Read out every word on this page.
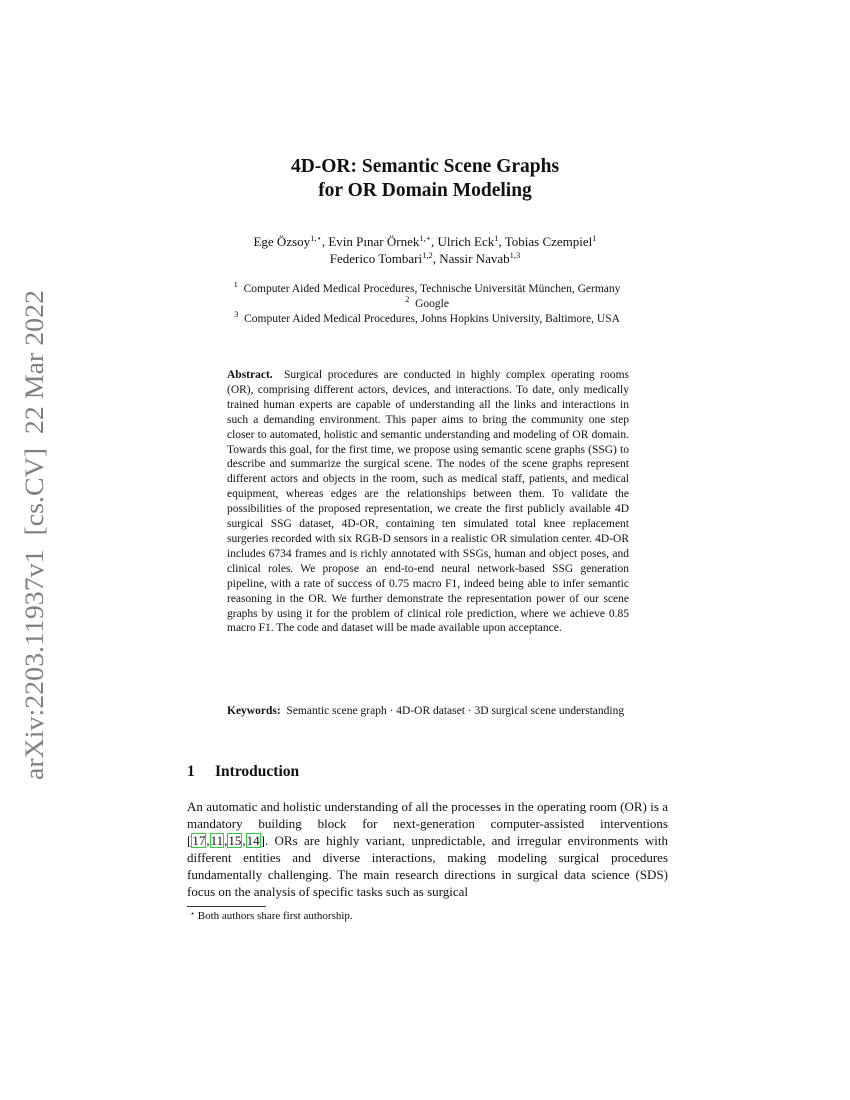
arXiv:2203.11937v1  [cs.CV]  22 Mar 2022
4D-OR: Semantic Scene Graphs
for OR Domain Modeling
Ege Özsoy$^{1,⋆}$, Evin Pınar Örnek$^{1,⋆}$, Ulrich Eck$^1$, Tobias Czempiel$^1$
Federico Tombari$^{1,2}$, Nassir Navab$^{1,3}$
$^1$ Computer Aided Medical Procedures, Technische Universität München, Germany
$^2$ Google
$^3$ Computer Aided Medical Procedures, Johns Hopkins University, Baltimore, USA

Abstract. Surgical procedures are conducted in highly complex operating rooms (OR), comprising different actors, devices, and interactions. To date, only medically trained human experts are capable of understanding all the links and interactions in such a demanding environment. This paper aims to bring the community one step closer to automated, holistic and semantic understanding and modeling of OR domain. Towards this goal, for the first time, we propose using semantic scene graphs (SSG) to describe and summarize the surgical scene. The nodes of the scene graphs represent different actors and objects in the room, such as medical staff, patients, and medical equipment, whereas edges are the relationships between them. To validate the possibilities of the proposed representation, we create the first publicly available 4D surgical SSG dataset, 4D-OR, containing ten simulated total knee replacement surgeries recorded with six RGB-D sensors in a realistic OR simulation center. 4D-OR includes 6734 frames and is richly annotated with SSGs, human and object poses, and clinical roles. We propose an end-to-end neural network-based SSG generation pipeline, with a rate of success of 0.75 macro F1, indeed being able to infer semantic reasoning in the OR. We further demonstrate the representation power of our scene graphs by using it for the problem of clinical role prediction, where we achieve 0.85 macro F1. The code and dataset will be made available upon acceptance.

Keywords: Semantic scene graph · 4D-OR dataset · 3D surgical scene understanding

1 Introduction

An automatic and holistic understanding of all the processes in the operating room (OR) is a mandatory building block for next-generation computer-assisted interventions [17,11,15,14]. ORs are highly variant, unpredictable, and irregular environments with different entities and diverse interactions, making modeling surgical procedures fundamentally challenging. The main research directions in surgical data science (SDS) focus on the analysis of specific tasks such as surgical

⋆ Both authors share first authorship.
